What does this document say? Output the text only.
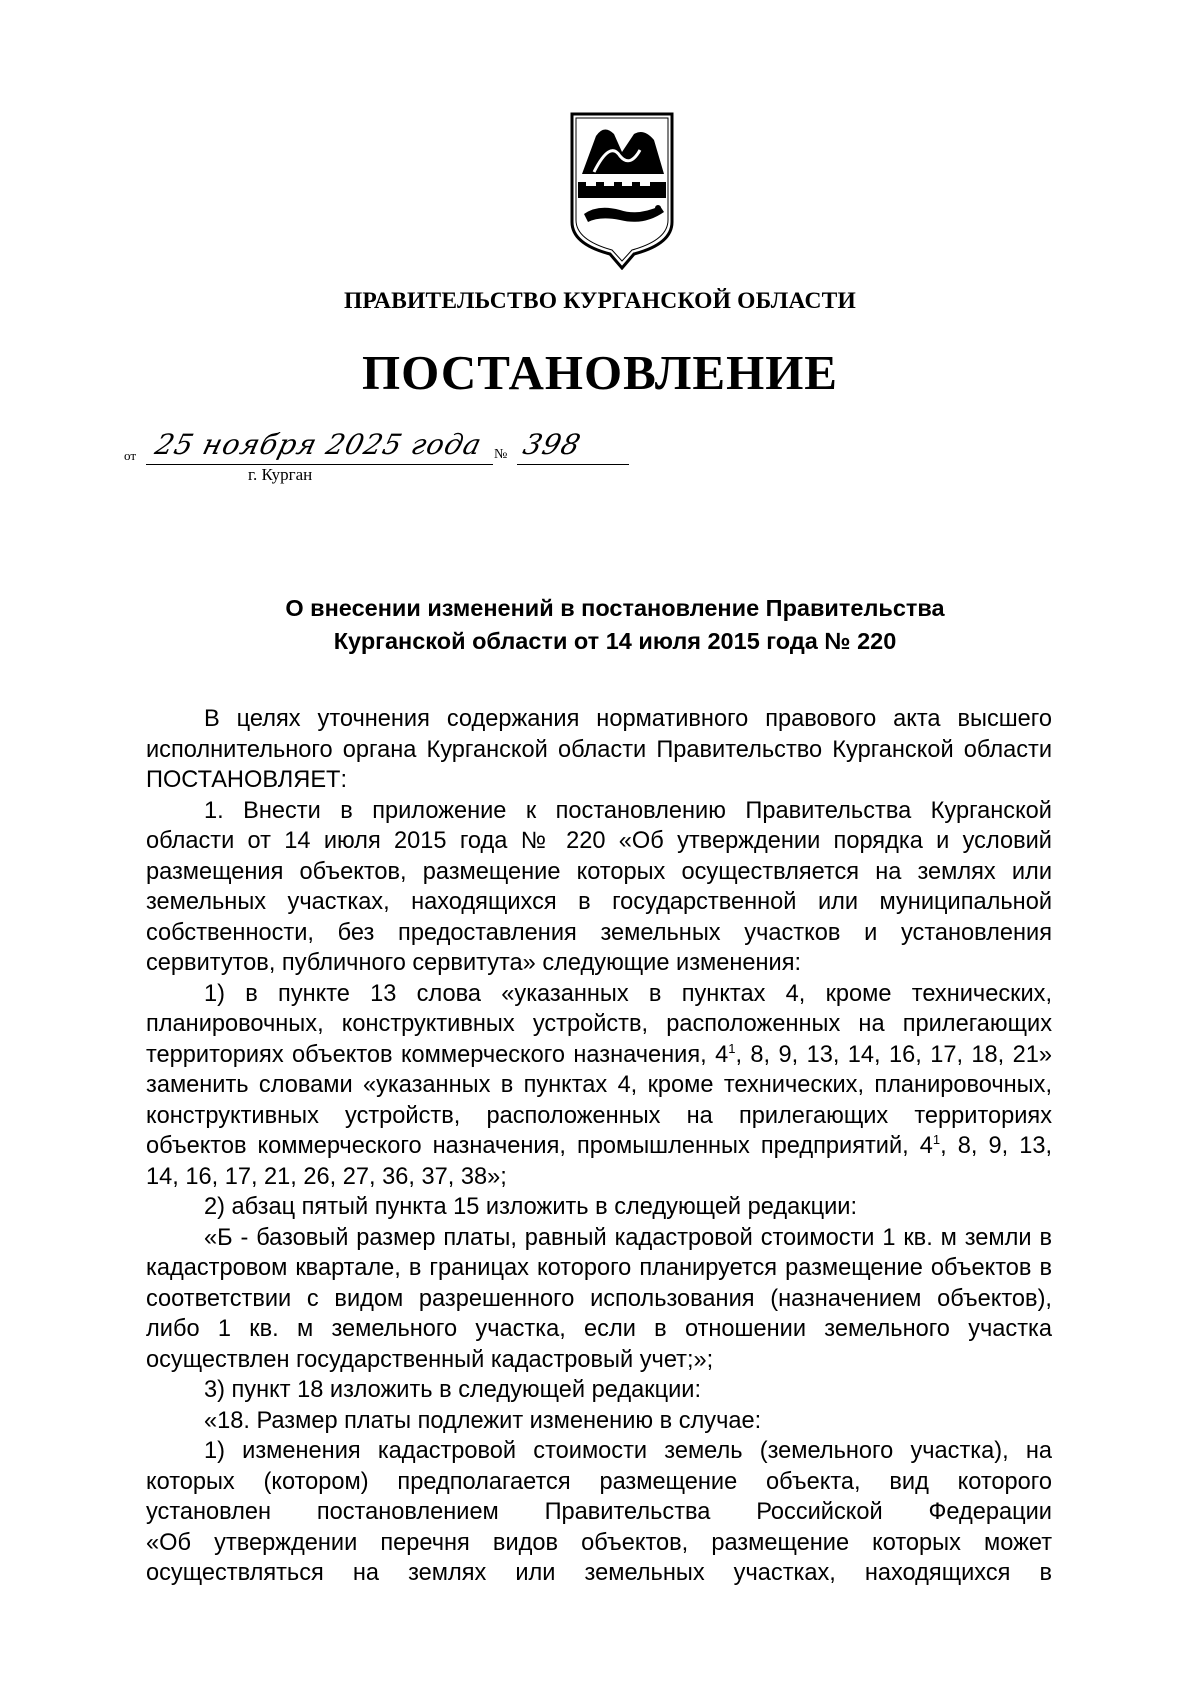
ПРАВИТЕЛЬСТВО КУРГАНСКОЙ ОБЛАСТИ
ПОСТАНОВЛЕНИЕ
от 25 ноября 2025 года № 398
г. Курган
О внесении изменений в постановление Правительства
Курганской области от 14 июля 2015 года № 220
В целях уточнения содержания нормативного правового акта высшего
исполнительного органа Курганской области Правительство Курганской области
ПОСТАНОВЛЯЕТ:
1. Внести в приложение к постановлению Правительства Курганской
области от 14 июля 2015 года № 220 «Об утверждении порядка и условий
размещения объектов, размещение которых осуществляется на землях или
земельных участках, находящихся в государственной или муниципальной
собственности, без предоставления земельных участков и установления
сервитутов, публичного сервитута» следующие изменения:
1) в пункте 13 слова «указанных в пунктах 4, кроме технических,
планировочных, конструктивных устройств, расположенных на прилегающих
территориях объектов коммерческого назначения, $4^1$, 8, 9, 13, 14, 16, 17, 18, 21»
заменить словами «указанных в пунктах 4, кроме технических, планировочных,
конструктивных устройств, расположенных на прилегающих территориях
объектов коммерческого назначения, промышленных предприятий, $4^1$, 8, 9, 13,
14, 16, 17, 21, 26, 27, 36, 37, 38»;
2) абзац пятый пункта 15 изложить в следующей редакции:
«Б - базовый размер платы, равный кадастровой стоимости 1 кв. м земли в
кадастровом квартале, в границах которого планируется размещение объектов в
соответствии с видом разрешенного использования (назначением объектов),
либо 1 кв. м земельного участка, если в отношении земельного участка
осуществлен государственный кадастровый учет;»;
3) пункт 18 изложить в следующей редакции:
«18. Размер платы подлежит изменению в случае:
1) изменения кадастровой стоимости земель (земельного участка), на
которых (котором) предполагается размещение объекта, вид которого
установлен постановлением Правительства Российской Федерации
«Об утверждении перечня видов объектов, размещение которых может
осуществляться на землях или земельных участках, находящихся в
